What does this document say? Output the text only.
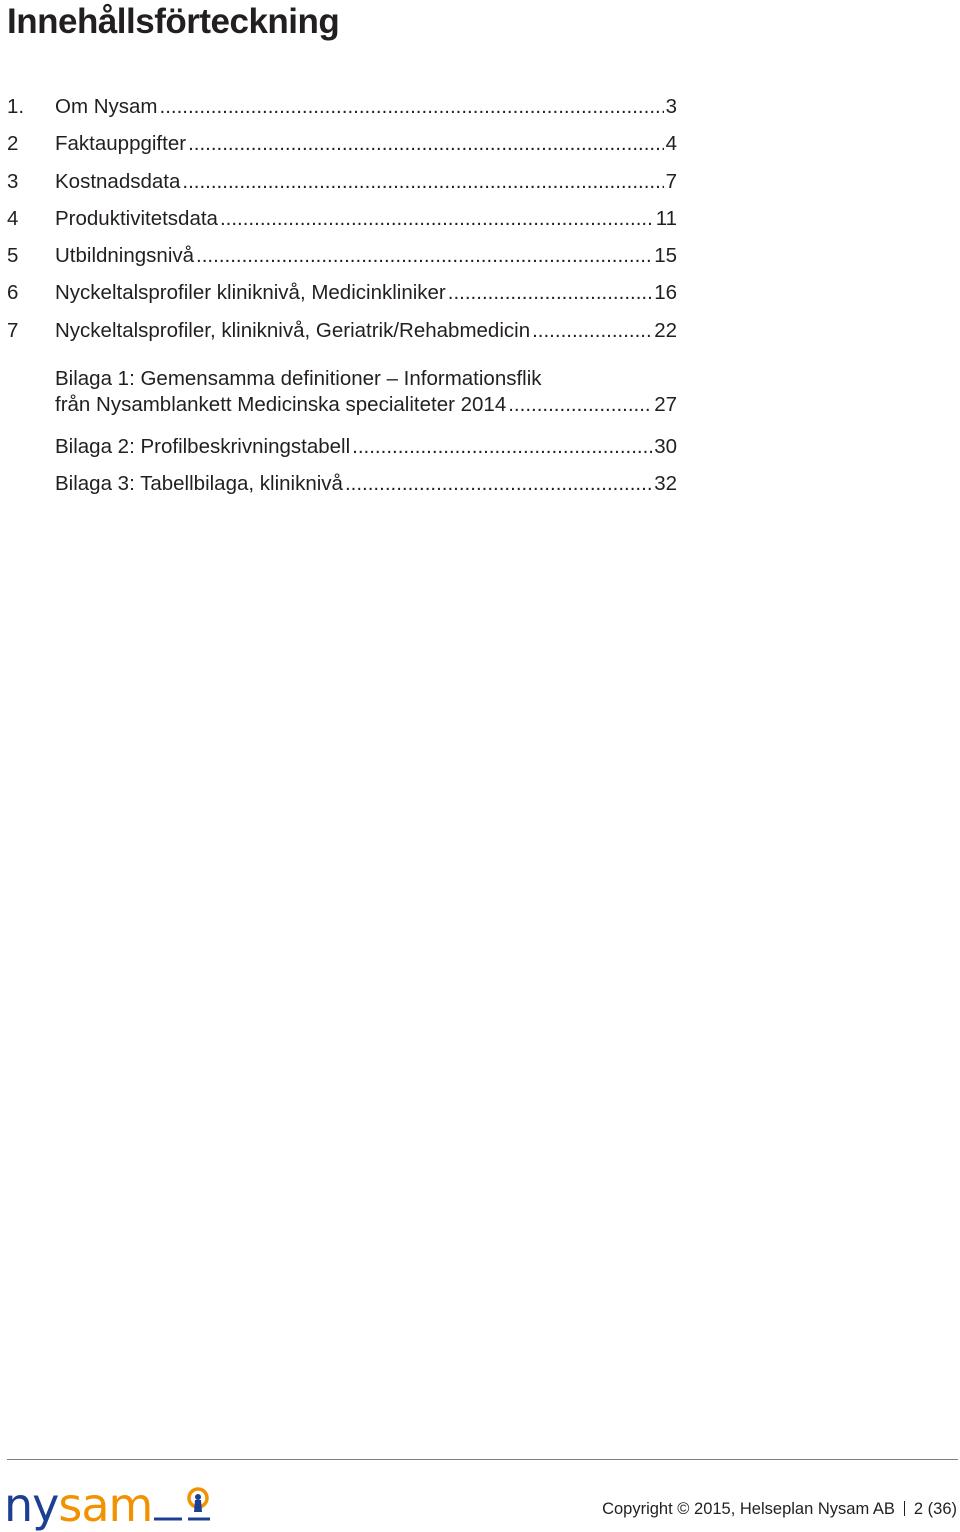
Innehållsförteckning
1.	Om Nysam .....	3
2	Faktauppgifter .....	4
3	Kostnadsdata .....	7
4	Produktivitetsdata .....	11
5	Utbildningsnivå .....	15
6	Nyckeltalsprofiler kliniknivå, Medicinkliniker .....	16
7	Nyckeltalsprofiler, kliniknivå, Geriatrik/Rehabmedicin .....	22
Bilaga 1: Gemensamma definitioner – Informationsflik
från Nysamblankett Medicinska specialiteter 2014 .....	27
Bilaga 2: Profilbeskrivningstabell .....	30
Bilaga 3: Tabellbilaga, kliniknivå .....	32
nysam	Copyright © 2015, Helseplan Nysam AB 2 (36)
